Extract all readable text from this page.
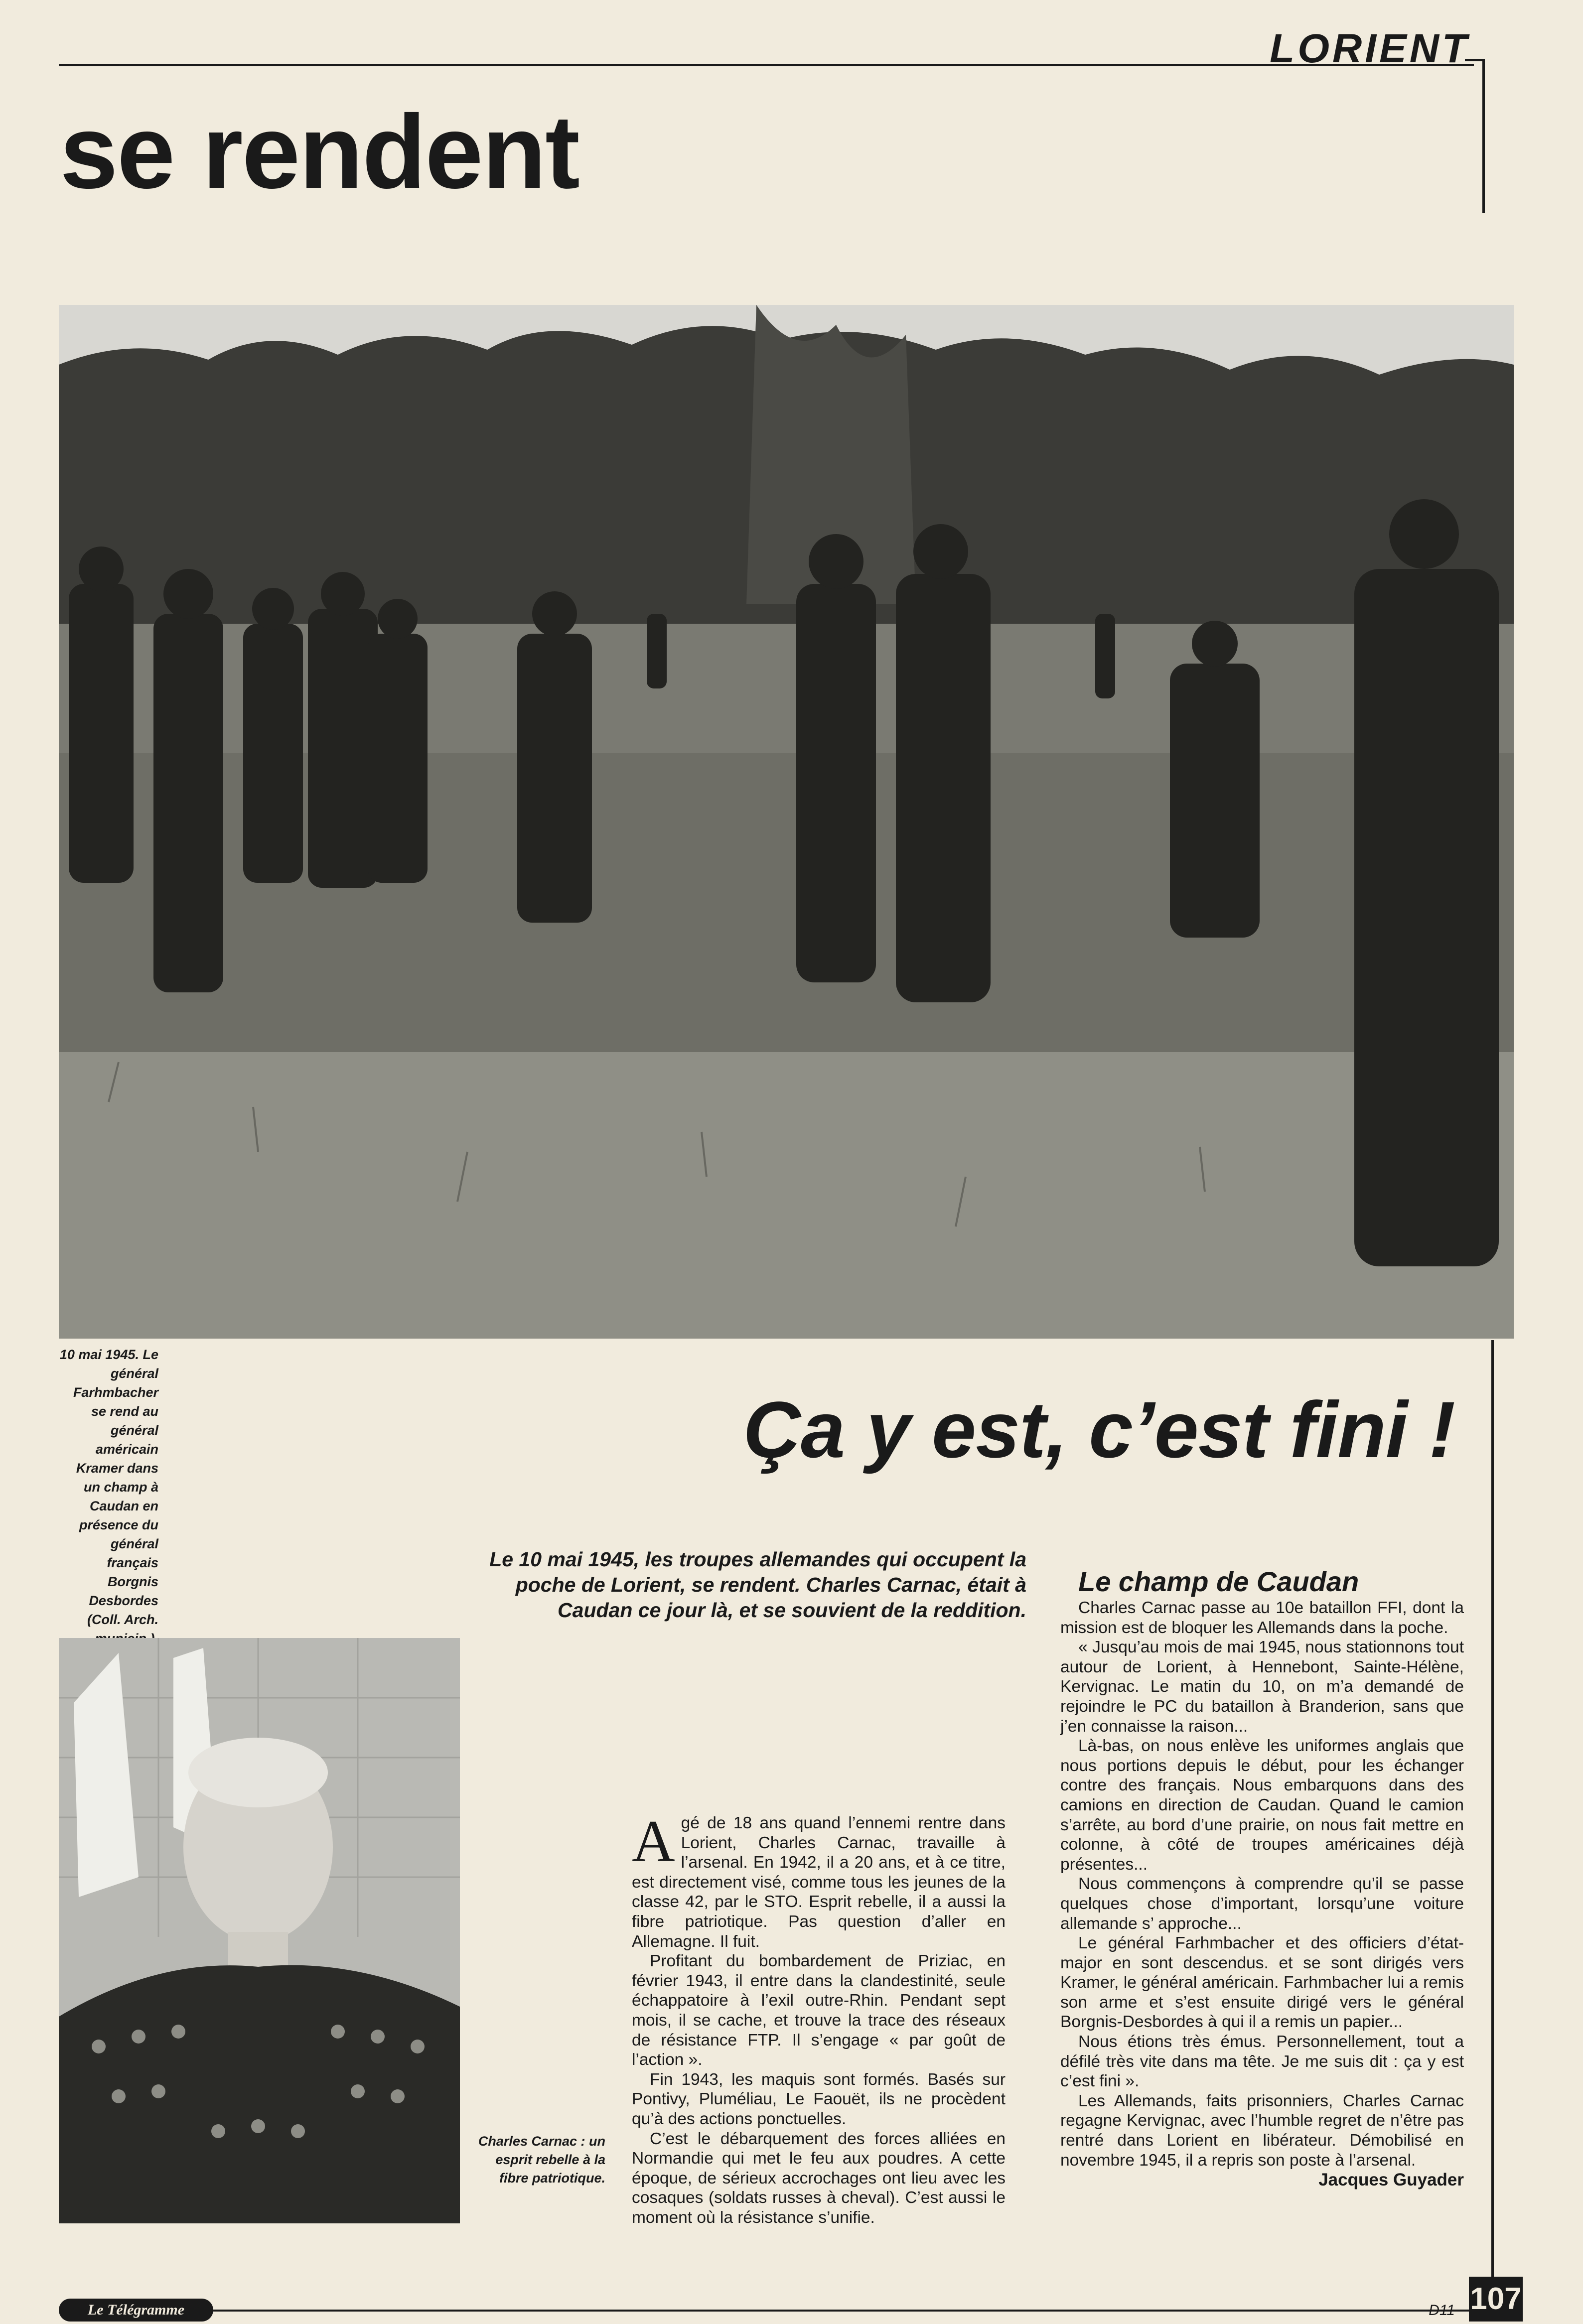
LORIENT
se rendent
10 mai 1945. Le général Farhmbacher se rend au général américain Kramer dans un champ à Caudan en présence du général français Borgnis Desbordes (Coll. Arch.
Ça y est, c’est fini !
Le 10 mai 1945, les troupes allemandes qui occupent la poche de Lorient, se rendent. Charles Carnac, était à Caudan ce jour là, et se souvient de la reddition.
Charles Carnac : un esprit rebelle à la fibre patriotique.

Agé de 18 ans quand l’ennemi rentre dans Lorient, Charles Carnac, travaille à l’arsenal. En 1942, il a 20 ans, et à ce titre, est directement visé, comme tous les jeunes de la classe 42, par le STO. Esprit rebelle, il a aussi la fibre patriotique. Pas question d’aller en Allemagne. Il fuit.

Profitant du bombardement de Priziac, en février 1943, il entre dans la clandestinité, seule échappatoire à l’exil outre-Rhin. Pendant sept mois, il se cache, et trouve la trace des réseaux de résistance FTP. Il s’engage « par goût de l’action ».

Fin 1943, les maquis sont formés. Basés sur Pontivy, Pluméliau, Le Faouët, ils ne procèdent qu’à des actions ponctuelles.

C’est le débarquement des forces alliées en Normandie qui met le feu aux poudres. A cette époque, de sérieux accrochages ont lieu avec les cosaques (soldats russes à cheval). C’est aussi le moment où la résistance s’unifie.

Le champ de Caudan

Charles Carnac passe au 10e bataillon FFI, dont la mission est de bloquer les Allemands dans la poche.

« Jusqu’au mois de mai 1945, nous stationnons tout autour de Lorient, à Hennebont, Sainte-Hélène, Kervignac. Le matin du 10, on m’a demandé de rejoindre le PC du bataillon à Branderion, sans que j’en connaisse la raison...

Là-bas, on nous enlève les uniformes anglais que nous portions depuis le début, pour les échanger contre des français. Nous embarquons dans des camions en direction de Caudan. Quand le camion s’arrête, au bord d’une prairie, on nous fait mettre en colonne, à côté de troupes américaines déjà présentes...

Nous commençons à comprendre qu’il se passe quelques chose d’important, lorsqu’une voiture allemande s’ approche...

Le général Farhmbacher et des officiers d’état-major en sont descendus. et se sont dirigés vers Kramer, le général américain. Farhmbacher lui a remis son arme et s’est ensuite dirigé vers le général Borgnis-Desbordes à qui il a remis un papier...

Nous étions très émus. Personnellement, tout a défilé très vite dans ma tête. Je me suis dit : ça y est c’est fini ».

Les Allemands, faits prisonniers, Charles Carnac regagne Kervignac, avec l’humble regret de n’être pas rentré dans Lorient en libérateur. Démobilisé en novembre 1945, il a repris son poste à l’arsenal.

Jacques Guyader

Le Télégramme	D11 107
